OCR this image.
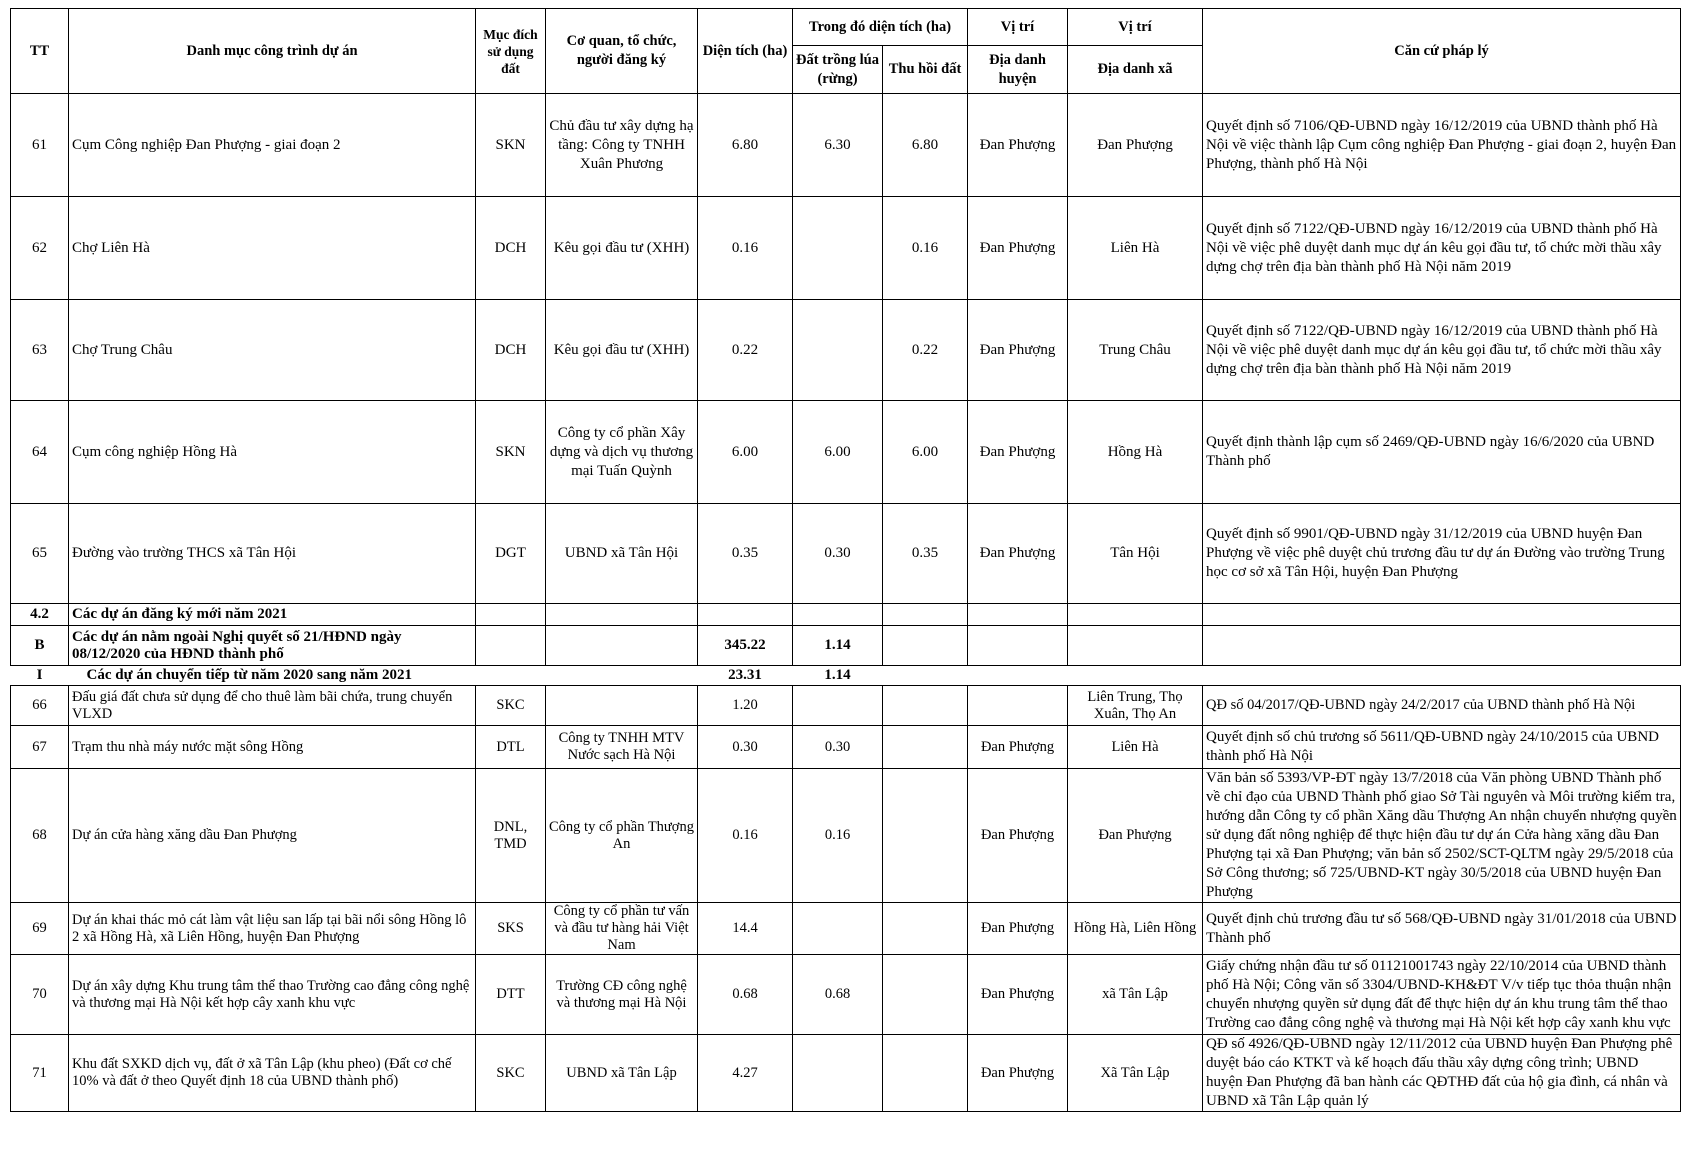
TT	Danh mục công trình dự án	Mục đích sử dụng đất	Cơ quan, tổ chức, người đăng ký	Diện tích (ha)	Trong đó diện tích (ha)		Vị trí	Vị trí	Căn cứ pháp lý
					Đất trồng lúa (rừng)	Thu hồi đất	Địa danh huyện	Địa danh xã	
61	Cụm Công nghiệp Đan Phượng - giai đoạn 2	SKN	Chủ đầu tư xây dựng hạ tầng: Công ty TNHH Xuân Phương	6.80	6.30	6.80	Đan Phượng	Đan Phượng	Quyết định số 7106/QĐ-UBND ngày 16/12/2019 của UBND thành phố Hà Nội về việc thành lập Cụm công nghiệp Đan Phượng - giai đoạn 2, huyện Đan Phượng, thành phố Hà Nội
62	Chợ Liên Hà	DCH	Kêu gọi đầu tư (XHH)	0.16		0.16	Đan Phượng	Liên Hà	Quyết định số 7122/QĐ-UBND ngày 16/12/2019 của UBND thành phố Hà Nội về việc phê duyệt danh mục dự án kêu gọi đầu tư, tổ chức mời thầu xây dựng chợ trên địa bàn thành phố Hà Nội năm 2019
63	Chợ Trung Châu	DCH	Kêu gọi đầu tư (XHH)	0.22		0.22	Đan Phượng	Trung Châu	Quyết định số 7122/QĐ-UBND ngày 16/12/2019 của UBND thành phố Hà Nội về việc phê duyệt danh mục dự án kêu gọi đầu tư, tổ chức mời thầu xây dựng chợ trên địa bàn thành phố Hà Nội năm 2019
64	Cụm công nghiệp Hồng Hà	SKN	Công ty cổ phần Xây dựng và dịch vụ thương mại Tuấn Quỳnh	6.00	6.00	6.00	Đan Phượng	Hồng Hà	Quyết định thành lập cụm số 2469/QĐ-UBND ngày 16/6/2020 của UBND Thành phố
65	Đường vào trường THCS xã Tân Hội	DGT	UBND xã Tân Hội	0.35	0.30	0.35	Đan Phượng	Tân Hội	Quyết định số 9901/QĐ-UBND ngày 31/12/2019 của UBND huyện Đan Phượng về việc phê duyệt chủ trương đầu tư dự án Đường vào trường Trung học cơ sở xã Tân Hội, huyện Đan Phượng
4.2	Các dự án đăng ký mới năm 2021								
B	Các dự án nằm ngoài Nghị quyết số 21/HĐND ngày 08/12/2020 của HĐND thành phố			345.22	1.14				
I	Các dự án chuyển tiếp từ năm 2020 sang năm 2021			23.31	1.14				
66	Đấu giá đất chưa sử dụng để cho thuê làm bãi chứa, trung chuyển VLXD	SKC		1.20				Liên Trung, Thọ Xuân, Thọ An	QĐ số 04/2017/QĐ-UBND ngày 24/2/2017 của UBND thành phố Hà Nội
67	Trạm thu nhà máy nước mặt sông Hồng	DTL	Công ty TNHH MTV Nước sạch Hà Nội	0.30	0.30		Đan Phượng	Liên Hà	Quyết định số chủ trương số 5611/QĐ-UBND ngày 24/10/2015 của UBND thành phố Hà Nội
68	Dự án cửa hàng xăng dầu Đan Phượng	DNL, TMD	Công ty cổ phần Thượng An	0.16	0.16		Đan Phượng	Đan Phượng	Văn bản số 5393/VP-ĐT ngày 13/7/2018 của Văn phòng UBND Thành phố về chỉ đạo của UBND Thành phố giao Sở Tài nguyên và Môi trường kiểm tra, hướng dẫn Công ty cổ phần Xăng dầu Thượng An nhận chuyển nhượng quyền sử dụng đất nông nghiệp để thực hiện đầu tư dự án Cửa hàng xăng dầu Đan Phượng tại xã Đan Phượng; văn bản số 2502/SCT-QLTM ngày 29/5/2018 của Sở Công thương; số 725/UBND-KT ngày 30/5/2018 của UBND huyện Đan Phượng
69	Dự án khai thác mỏ cát làm vật liệu san lấp tại bãi nổi sông Hồng lô 2 xã Hồng Hà, xã Liên Hồng, huyện Đan Phượng	SKS	Công ty cổ phần tư vấn và đầu tư hàng hải Việt Nam	14.4			Đan Phượng	Hồng Hà, Liên Hồng	Quyết định chủ trương đầu tư số 568/QĐ-UBND ngày 31/01/2018 của UBND Thành phố
70	Dự án xây dựng Khu trung tâm thể thao Trường cao đẳng công nghệ và thương mại Hà Nội kết hợp cây xanh khu vực	DTT	Trường CĐ công nghệ và thương mại Hà Nội	0.68	0.68		Đan Phượng	xã Tân Lập	Giấy chứng nhận đầu tư số 01121001743 ngày 22/10/2014 của UBND thành phố Hà Nội; Công văn số 3304/UBND-KH&ĐT V/v tiếp tục thỏa thuận nhận chuyển nhượng quyền sử dụng đất để thực hiện dự án khu trung tâm thể thao Trường cao đẳng công nghệ và thương mại Hà Nội kết hợp cây xanh khu vực
71	Khu đất SXKD dịch vụ, đất ở xã Tân Lập (khu pheo) (Đất cơ chế 10% và đất ở theo Quyết định 18 của UBND thành phố)	SKC	UBND xã Tân Lập	4.27			Đan Phượng	Xã Tân Lập	QĐ số 4926/QĐ-UBND ngày 12/11/2012 của UBND huyện Đan Phượng phê duyệt báo cáo KTKT và kế hoạch đấu thầu xây dựng công trình; UBND huyện Đan Phượng đã ban hành các QĐTHĐ đất của hộ gia đình, cá nhân và UBND xã Tân Lập quản lý
